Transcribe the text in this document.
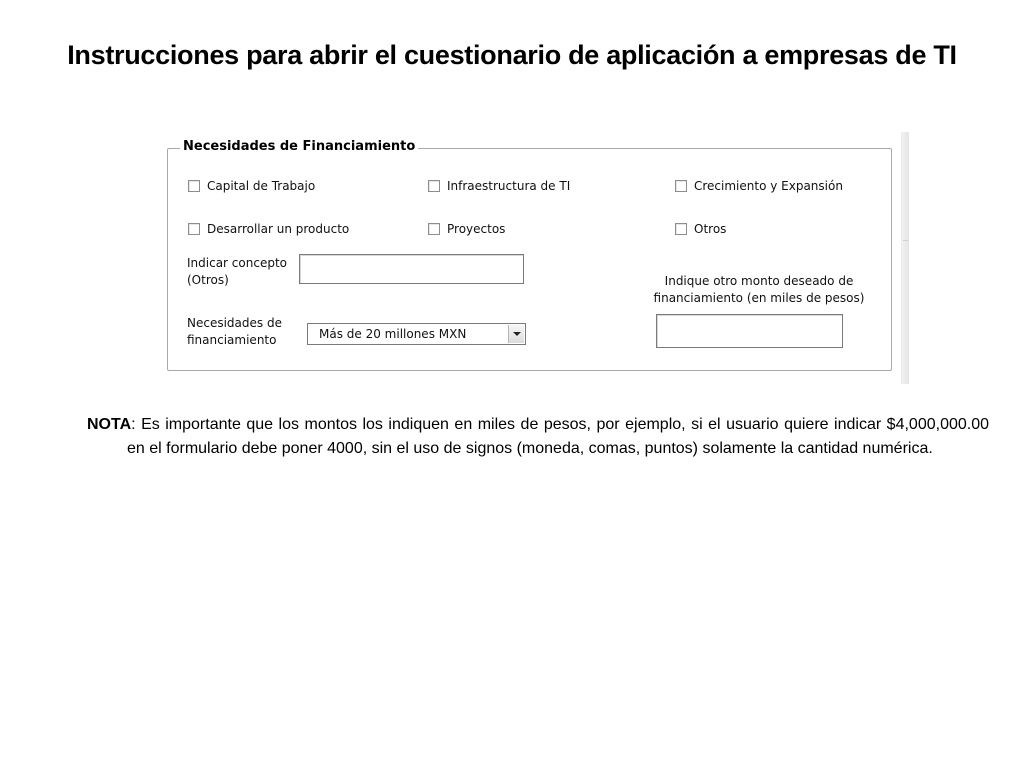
Instrucciones para abrir el cuestionario de aplicación a empresas de TI
Necesidades de Financiamiento
Capital de Trabajo	Infraestructura de TI	Crecimiento y Expansión
Desarrollar un producto	Proyectos	Otros
Indicar concepto
(Otros)
Necesidades de
financiamiento	Más de 20 millones MXN
Indique otro monto deseado de
financiamiento (en miles de pesos)
NOTA: Es importante que los montos los indiquen en miles de pesos, por ejemplo, si el usuario quiere indicar $4,000,000.00 en el formulario debe poner 4000, sin el uso de signos (moneda, comas, puntos) solamente la cantidad numérica.
